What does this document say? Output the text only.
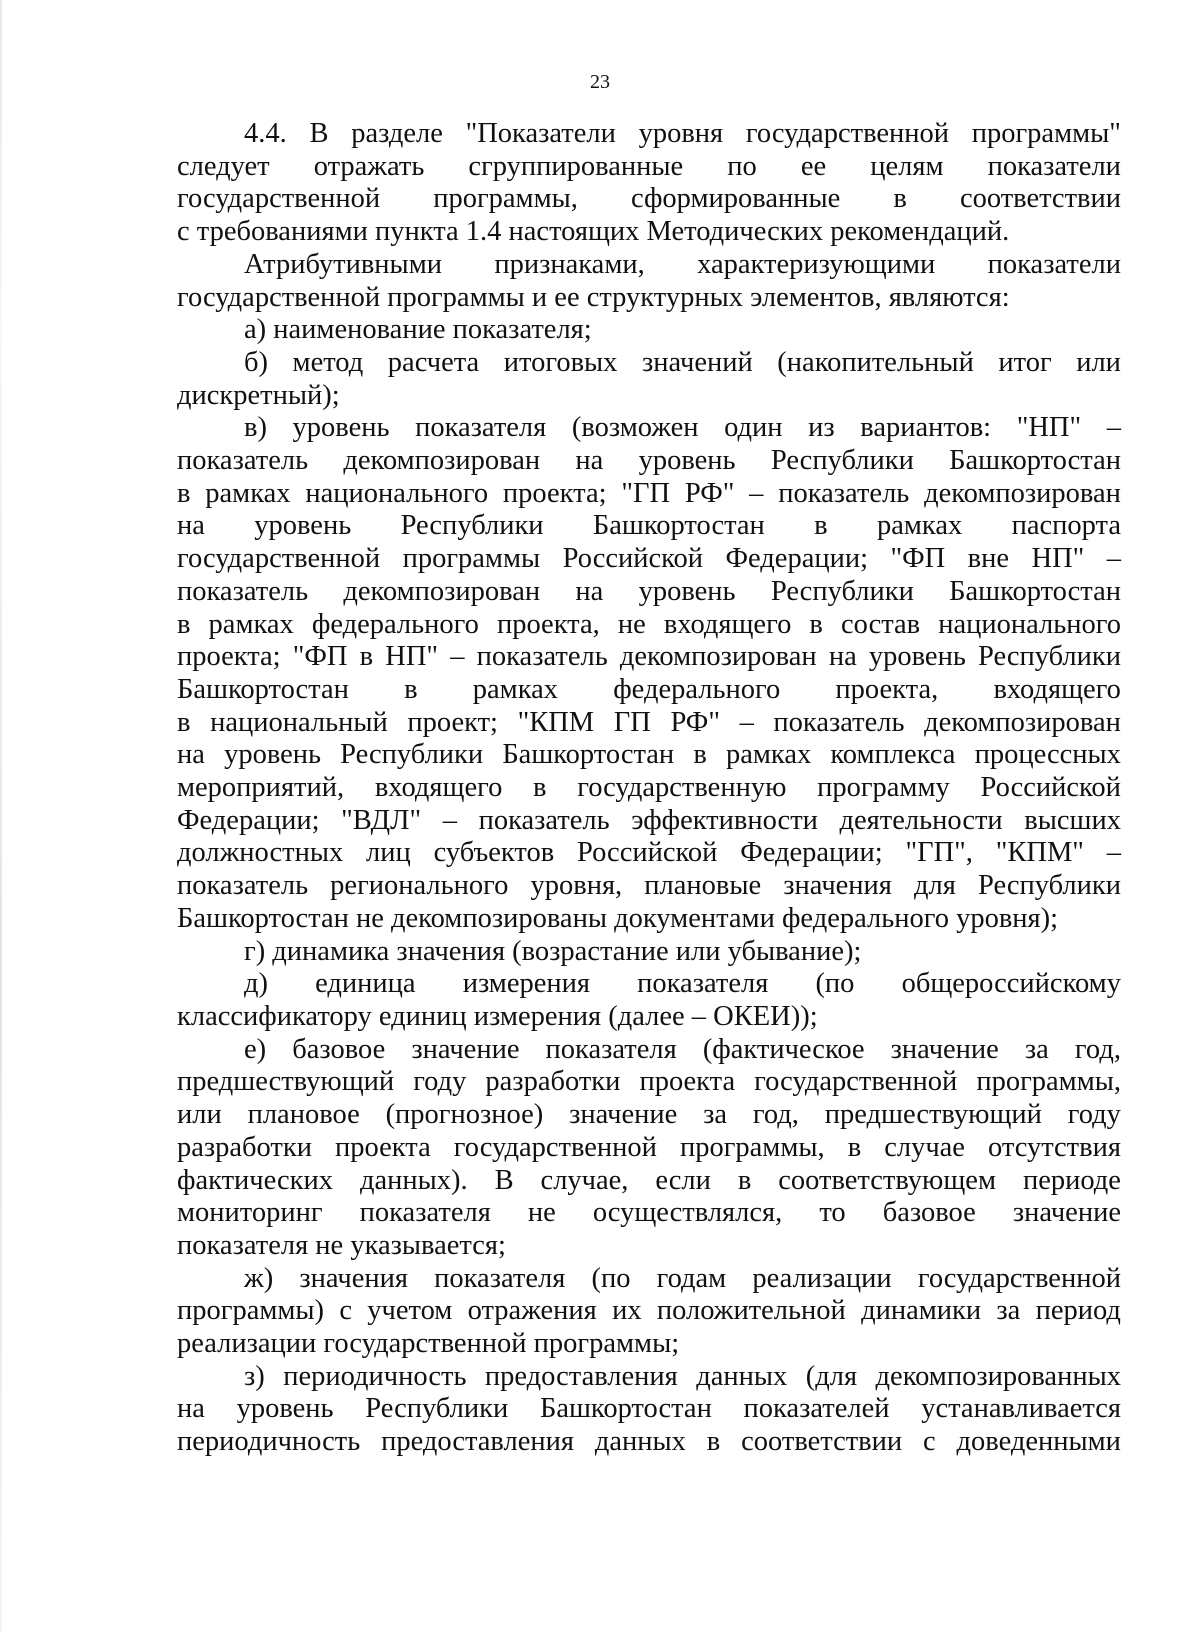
23
4.4. В разделе "Показатели уровня государственной программы"
следует отражать сгруппированные по ее целям показатели
государственной программы, сформированные в соответствии
с требованиями пункта 1.4 настоящих Методических рекомендаций.
Атрибутивными признаками, характеризующими показатели
государственной программы и ее структурных элементов, являются:
а) наименование показателя;
б) метод расчета итоговых значений (накопительный итог или
дискретный);
в) уровень показателя (возможен один из вариантов: "НП" –
показатель декомпозирован на уровень Республики Башкортостан
в рамках национального проекта; "ГП РФ" – показатель декомпозирован
на уровень Республики Башкортостан в рамках паспорта
государственной программы Российской Федерации; "ФП вне НП" –
показатель декомпозирован на уровень Республики Башкортостан
в рамках федерального проекта, не входящего в состав национального
проекта; "ФП в НП" – показатель декомпозирован на уровень Республики
Башкортостан в рамках федерального проекта, входящего
в национальный проект; "КПМ ГП РФ" – показатель декомпозирован
на уровень Республики Башкортостан в рамках комплекса процессных
мероприятий, входящего в государственную программу Российской
Федерации; "ВДЛ" – показатель эффективности деятельности высших
должностных лиц субъектов Российской Федерации; "ГП", "КПМ" –
показатель регионального уровня, плановые значения для Республики
Башкортостан не декомпозированы документами федерального уровня);
г) динамика значения (возрастание или убывание);
д) единица измерения показателя (по общероссийскому
классификатору единиц измерения (далее – ОКЕИ));
е) базовое значение показателя (фактическое значение за год,
предшествующий году разработки проекта государственной программы,
или плановое (прогнозное) значение за год, предшествующий году
разработки проекта государственной программы, в случае отсутствия
фактических данных). В случае, если в соответствующем периоде
мониторинг показателя не осуществлялся, то базовое значение
показателя не указывается;
ж) значения показателя (по годам реализации государственной
программы) с учетом отражения их положительной динамики за период
реализации государственной программы;
з) периодичность предоставления данных (для декомпозированных
на уровень Республики Башкортостан показателей устанавливается
периодичность предоставления данных в соответствии с доведенными
